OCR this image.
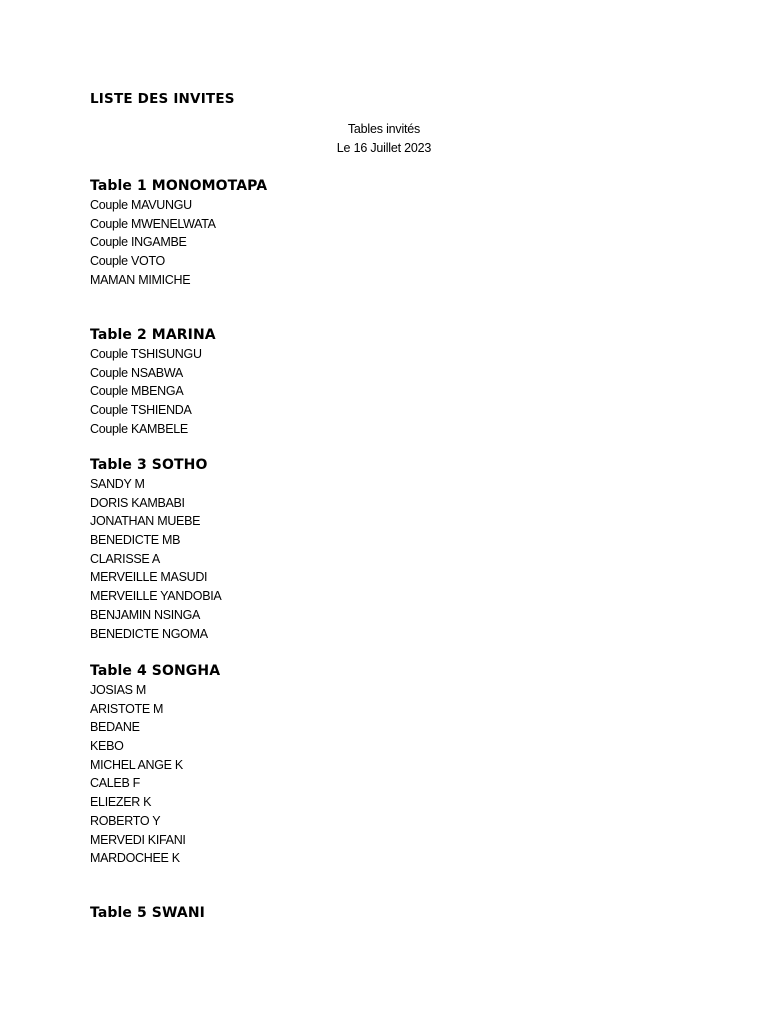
LISTE DES INVITES

Tables invités

Le 16 Juillet 2023

Table 1 MONOMOTAPA
Couple MAVUNGU
Couple MWENELWATA
Couple INGAMBE
Couple VOTO
MAMAN MIMICHE
Table 2 MARINA
Couple TSHISUNGU
Couple NSABWA
Couple MBENGA
Couple TSHIENDA
Couple KAMBELE
Table 3 SOTHO
SANDY M
DORIS KAMBABI
JONATHAN MUEBE
BENEDICTE MB
CLARISSE A
MERVEILLE MASUDI
MERVEILLE YANDOBIA
BENJAMIN NSINGA
BENEDICTE NGOMA
Table 4 SONGHA
JOSIAS M
ARISTOTE M
BEDANE
KEBO
MICHEL ANGE K
CALEB F
ELIEZER K
ROBERTO Y
MERVEDI KIFANI
MARDOCHEE K
Table 5 SWANI
